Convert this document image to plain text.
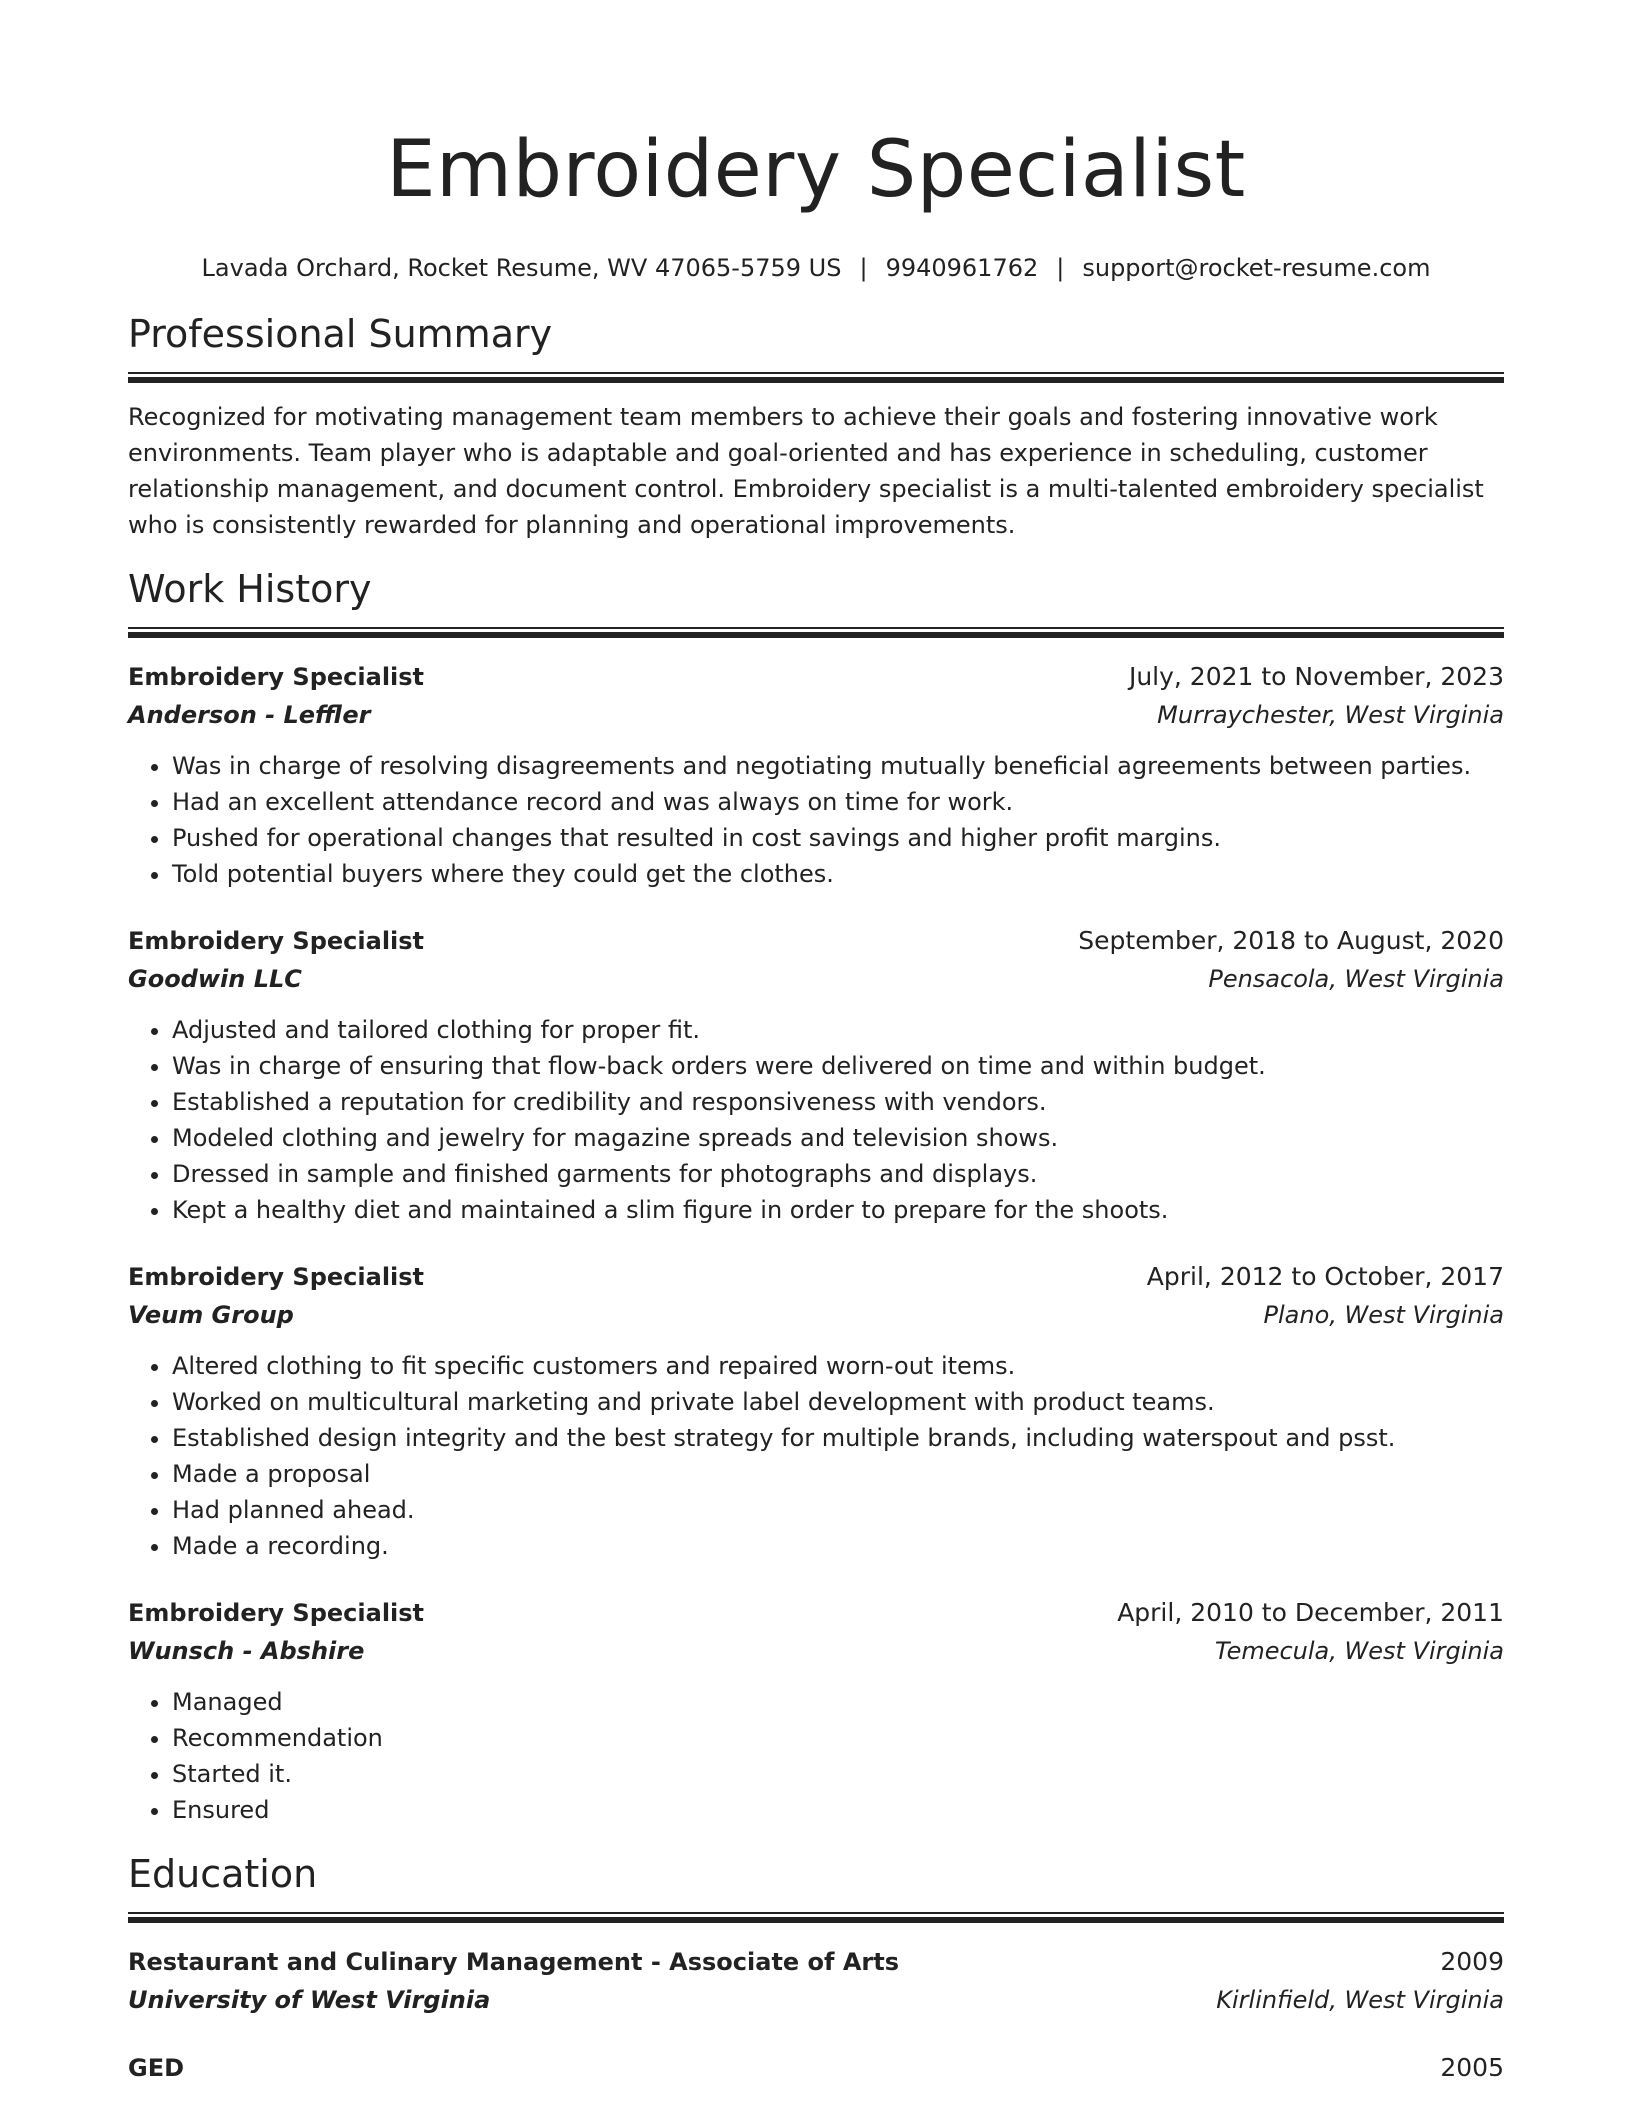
Embroidery Specialist
Lavada Orchard, Rocket Resume, WV 47065-5759 US | 9940961762 | support@rocket-resume.com
Professional Summary
Recognized for motivating management team members to achieve their goals and fostering innovative work environments. Team player who is adaptable and goal-oriented and has experience in scheduling, customer relationship management, and document control. Embroidery specialist is a multi-talented embroidery specialist who is consistently rewarded for planning and operational improvements.
Work History
Embroidery Specialist	July, 2021 to November, 2023
Anderson - Leffler	Murraychester, West Virginia
• Was in charge of resolving disagreements and negotiating mutually beneficial agreements between parties.
• Had an excellent attendance record and was always on time for work.
• Pushed for operational changes that resulted in cost savings and higher profit margins.
• Told potential buyers where they could get the clothes.
Embroidery Specialist	September, 2018 to August, 2020
Goodwin LLC	Pensacola, West Virginia
• Adjusted and tailored clothing for proper fit.
• Was in charge of ensuring that flow-back orders were delivered on time and within budget.
• Established a reputation for credibility and responsiveness with vendors.
• Modeled clothing and jewelry for magazine spreads and television shows.
• Dressed in sample and finished garments for photographs and displays.
• Kept a healthy diet and maintained a slim figure in order to prepare for the shoots.
Embroidery Specialist	April, 2012 to October, 2017
Veum Group	Plano, West Virginia
• Altered clothing to fit specific customers and repaired worn-out items.
• Worked on multicultural marketing and private label development with product teams.
• Established design integrity and the best strategy for multiple brands, including waterspout and psst.
• Made a proposal
• Had planned ahead.
• Made a recording.
Embroidery Specialist	April, 2010 to December, 2011
Wunsch - Abshire	Temecula, West Virginia
• Managed
• Recommendation
• Started it.
• Ensured
Education
Restaurant and Culinary Management - Associate of Arts	2009
University of West Virginia	Kirlinfield, West Virginia
GED	2005
